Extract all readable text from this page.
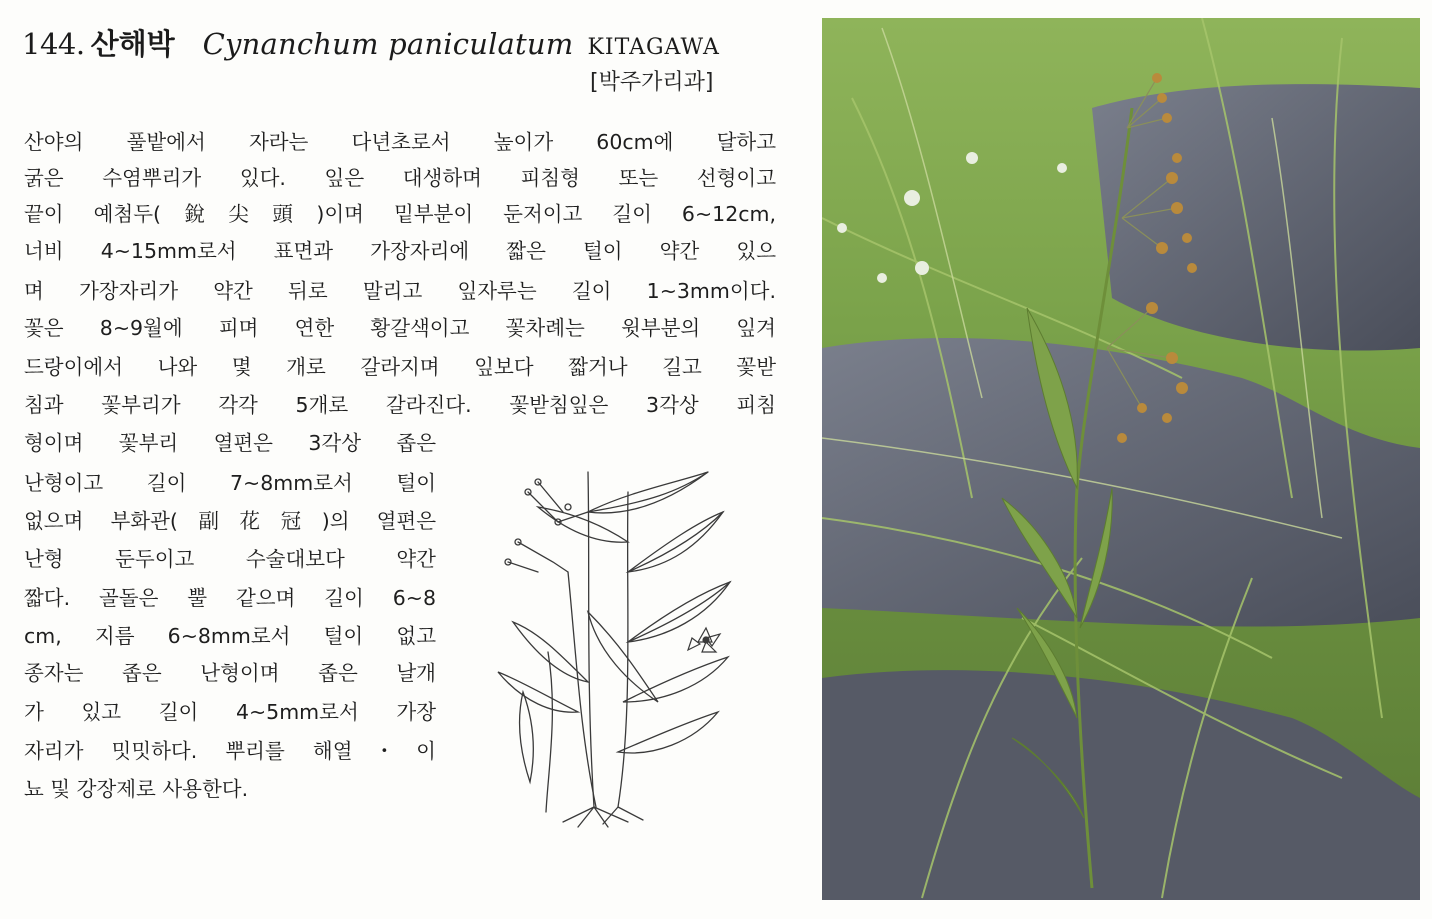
144. 산해박 Cynanchum paniculatum KITAGAWA
[박주가리과]
산야의 풀밭에서 자라는 다년초로서 높이가 60cm에 달하고
굵은 수염뿌리가 있다. 잎은 대생하며 피침형 또는 선형이고
끝이 예첨두(銳尖頭)이며 밑부분이 둔저이고 길이 6~12cm,
너비 4~15mm로서 표면과 가장자리에 짧은 털이 약간 있으
며 가장자리가 약간 뒤로 말리고 잎자루는 길이 1~3mm이다.
꽃은 8~9월에 피며 연한 황갈색이고 꽃차례는 윗부분의 잎겨
드랑이에서 나와 몇 개로 갈라지며 잎보다 짧거나 길고 꽃받
침과 꽃부리가 각각 5개로 갈라진다. 꽃받침잎은 3각상 피침
형이며 꽃부리 열편은 3각상 좁은
난형이고 길이 7~8mm로서 털이
없으며 부화관(副花冠)의 열편은
난형 둔두이고 수술대보다 약간
짧다. 골돌은 뿔 같으며 길이 6~8
cm, 지름 6~8mm로서 털이 없고
종자는 좁은 난형이며 좁은 날개
가 있고 길이 4~5mm로서 가장
자리가 밋밋하다. 뿌리를 해열・이
뇨 및 강장제로 사용한다.
